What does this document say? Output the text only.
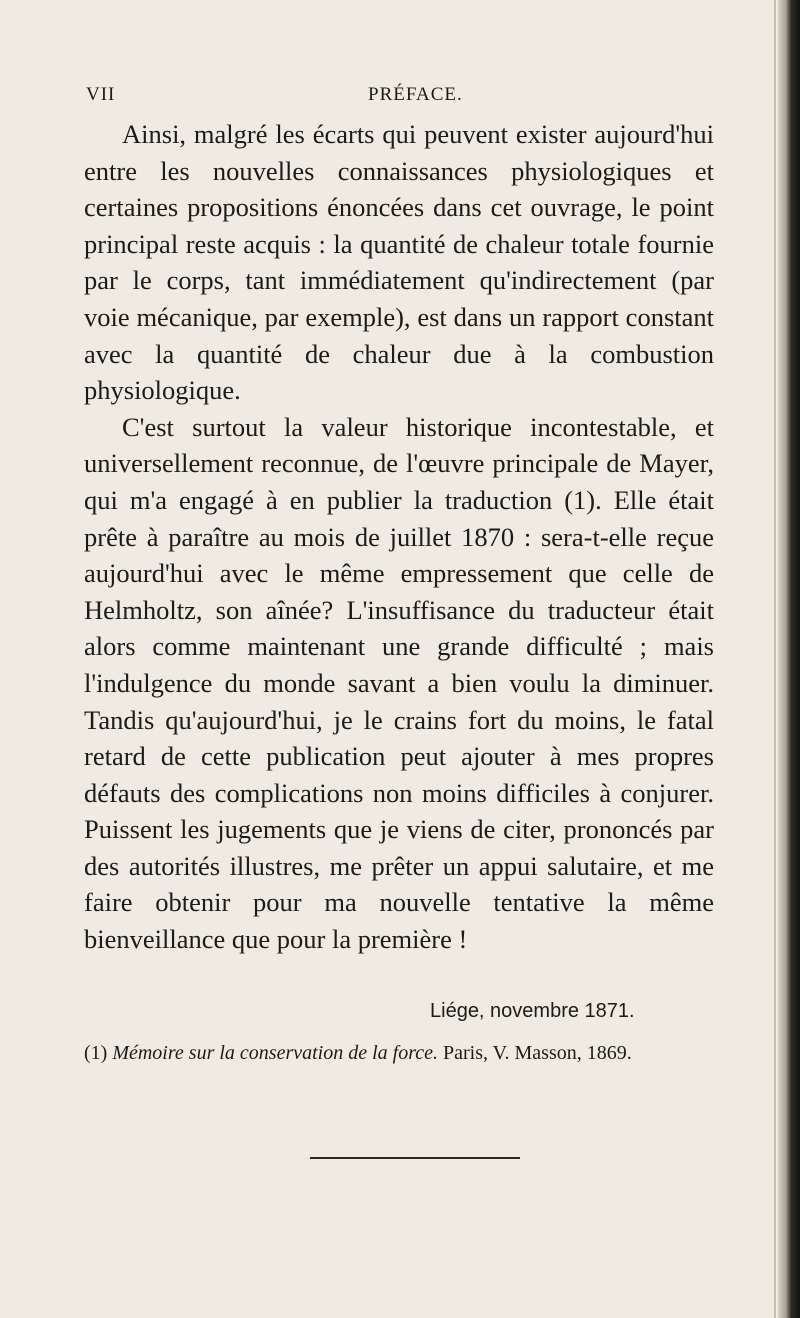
VII	PRÉFACE.

Ainsi, malgré les écarts qui peuvent exister aujourd'hui entre les nouvelles connaissances physiologiques et certaines propositions énoncées dans cet ouvrage, le point principal reste acquis : la quantité de chaleur totale fournie par le corps, tant immédiatement qu'indirectement (par voie mécanique, par exemple), est dans un rapport constant avec la quantité de chaleur due à la combustion physiologique.

C'est surtout la valeur historique incontestable, et universellement reconnue, de l'œuvre principale de Mayer, qui m'a engagé à en publier la traduction (1). Elle était prête à paraître au mois de juillet 1870 : sera-t-elle reçue aujourd'hui avec le même empressement que celle de Helmholtz, son aînée? L'insuffisance du traducteur était alors comme maintenant une grande difficulté ; mais l'indulgence du monde savant a bien voulu la diminuer. Tandis qu'aujourd'hui, je le crains fort du moins, le fatal retard de cette publication peut ajouter à mes propres défauts des complications non moins difficiles à conjurer. Puissent les jugements que je viens de citer, prononcés par des autorités illustres, me prêter un appui salutaire, et me faire obtenir pour ma nouvelle tentative la même bienveillance que pour la première !

Liége, novembre 1871.
(1) Mémoire sur la conservation de la force. Paris, V. Masson, 1869.
